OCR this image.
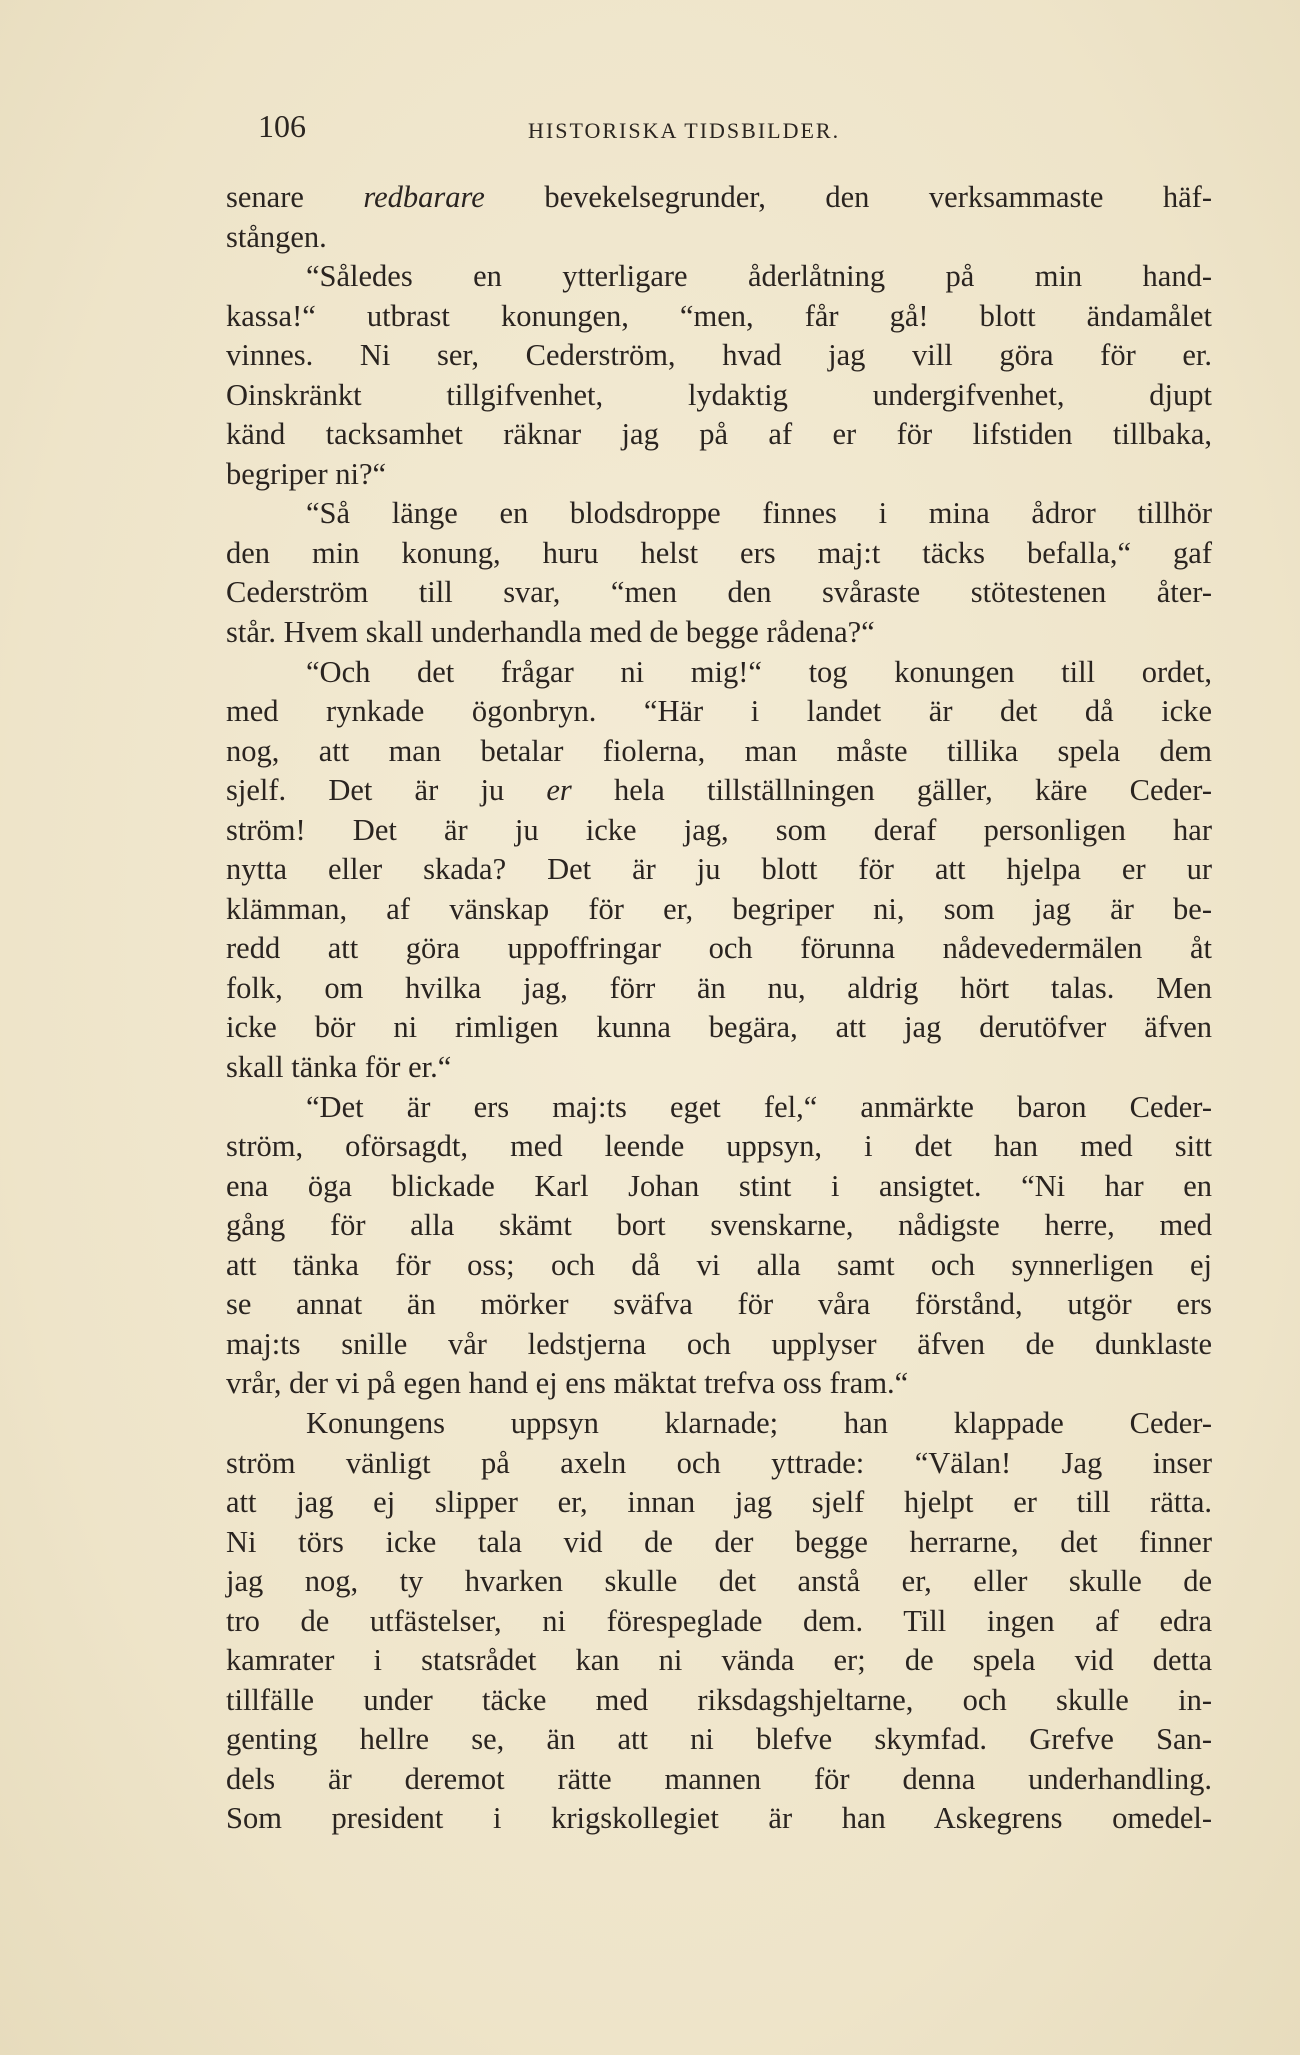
106	HISTORISKA TIDSBILDER.
senare redbarare bevekelsegrunder, den verksammaste häf-
stången.
“Således en ytterligare åderlåtning på min hand-
kassa!“ utbrast konungen, “men, får gå! blott ändamålet
vinnes. Ni ser, Cederström, hvad jag vill göra för er.
Oinskränkt tillgifvenhet, lydaktig undergifvenhet, djupt
känd tacksamhet räknar jag på af er för lifstiden tillbaka,
begriper ni?“
“Så länge en blodsdroppe finnes i mina ådror tillhör
den min konung, huru helst ers maj:t täcks befalla,“ gaf
Cederström till svar, “men den svåraste stötestenen åter-
står. Hvem skall underhandla med de begge rådena?“
“Och det frågar ni mig!“ tog konungen till ordet,
med rynkade ögonbryn. “Här i landet är det då icke
nog, att man betalar fiolerna, man måste tillika spela dem
sjelf. Det är ju er hela tillställningen gäller, käre Ceder-
ström! Det är ju icke jag, som deraf personligen har
nytta eller skada? Det är ju blott för att hjelpa er ur
klämman, af vänskap för er, begriper ni, som jag är be-
redd att göra uppoffringar och förunna nådevedermälen åt
folk, om hvilka jag, förr än nu, aldrig hört talas. Men
icke bör ni rimligen kunna begära, att jag derutöfver äfven
skall tänka för er.“
“Det är ers maj:ts eget fel,“ anmärkte baron Ceder-
ström, oförsagdt, med leende uppsyn, i det han med sitt
ena öga blickade Karl Johan stint i ansigtet. “Ni har en
gång för alla skämt bort svenskarne, nådigste herre, med
att tänka för oss; och då vi alla samt och synnerligen ej
se annat än mörker sväfva för våra förstånd, utgör ers
maj:ts snille vår ledstjerna och upplyser äfven de dunklaste
vrår, der vi på egen hand ej ens mäktat trefva oss fram.“
Konungens uppsyn klarnade; han klappade Ceder-
ström vänligt på axeln och yttrade: “Välan! Jag inser
att jag ej slipper er, innan jag sjelf hjelpt er till rätta.
Ni törs icke tala vid de der begge herrarne, det finner
jag nog, ty hvarken skulle det anstå er, eller skulle de
tro de utfästelser, ni förespeglade dem. Till ingen af edra
kamrater i statsrådet kan ni vända er; de spela vid detta
tillfälle under täcke med riksdagshjeltarne, och skulle in-
genting hellre se, än att ni blefve skymfad. Grefve San-
dels är deremot rätte mannen för denna underhandling.
Som president i krigskollegiet är han Askegrens omedel-
